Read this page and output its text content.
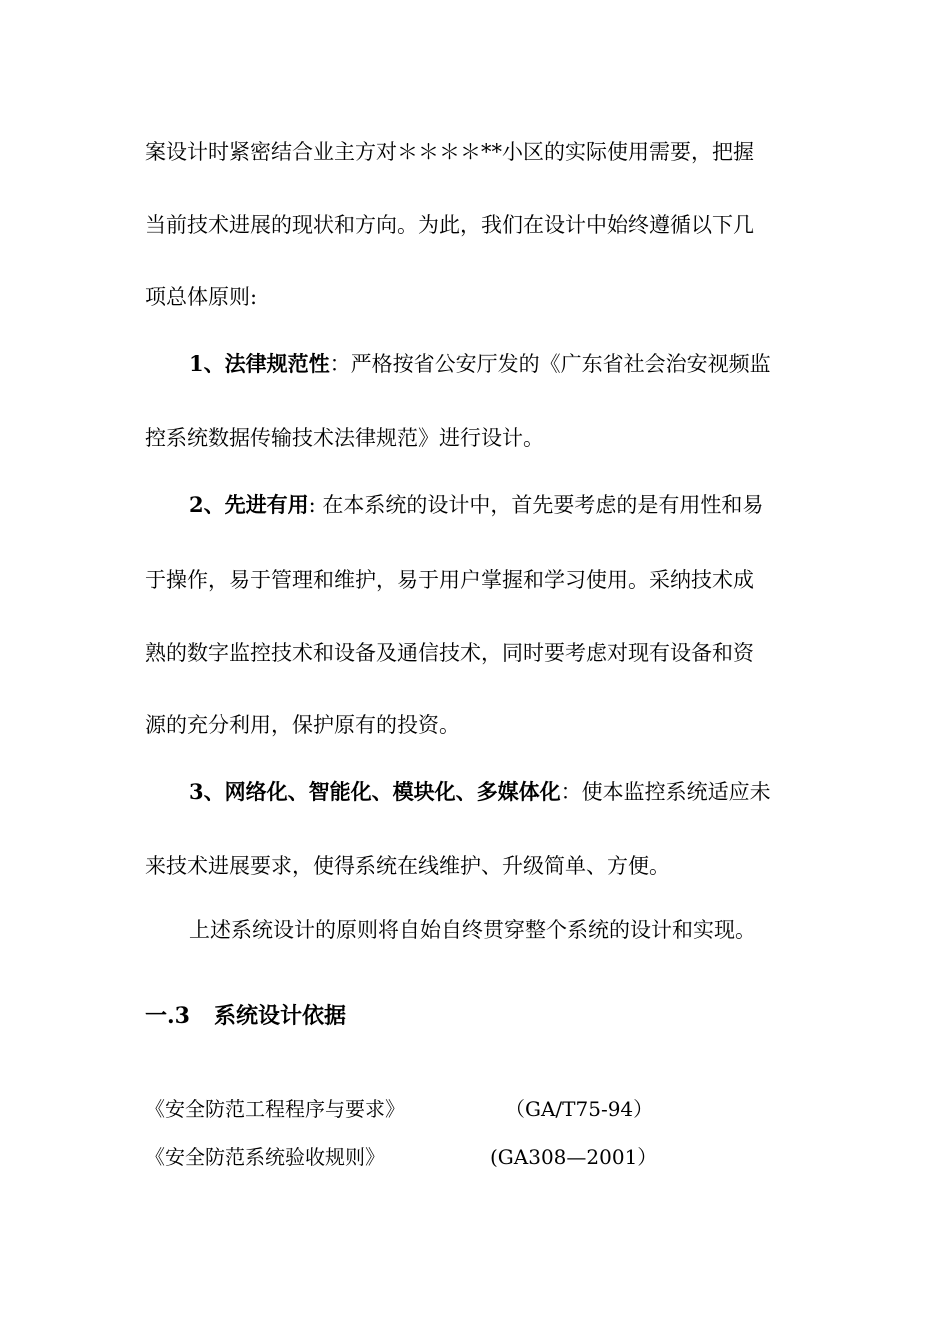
案设计时紧密结合业主方对＊＊＊＊**小区的实际使用需要，把握
当前技术进展的现状和方向。为此，我们在设计中始终遵循以下几
项总体原则:
1、法律规范性：严格按省公安厅发的《广东省社会治安视频监
控系统数据传输技术法律规范》进行设计。
2、先进有用: 在本系统的设计中，首先要考虑的是有用性和易
于操作，易于管理和维护，易于用户掌握和学习使用。采纳技术成
熟的数字监控技术和设备及通信技术，同时要考虑对现有设备和资
源的充分利用，保护原有的投资。
3、网络化、智能化、模块化、多媒体化：使本监控系统适应未
来技术进展要求，使得系统在线维护、升级简单、方便。
上述系统设计的原则将自始自终贯穿整个系统的设计和实现。
一.3 系统设计依据
《安全防范工程程序与要求》	（GA/T75-94）
《安全防范系统验收规则》	(GA308—2001）
